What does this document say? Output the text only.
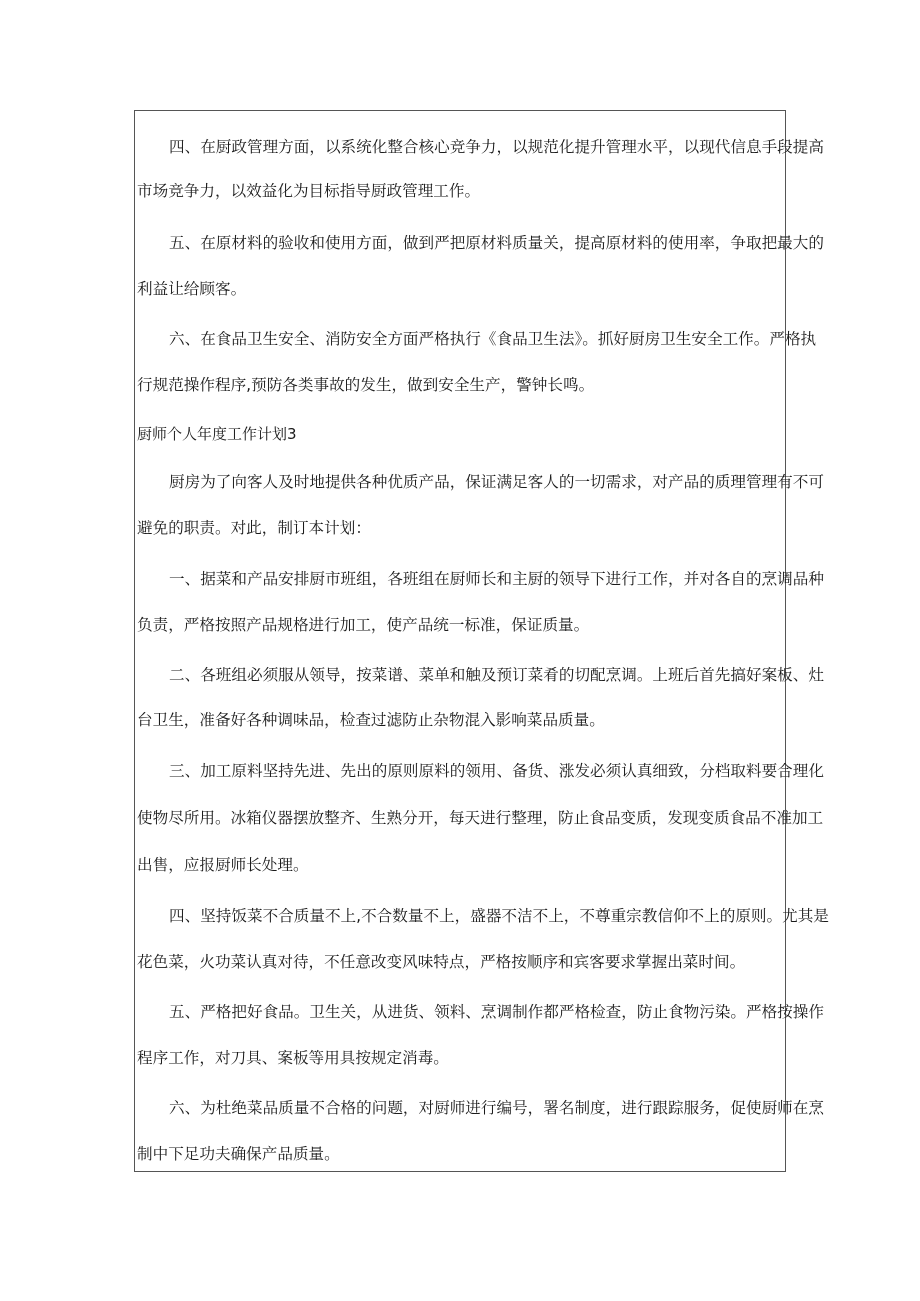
四、在厨政管理方面，以系统化整合核心竞争力，以规范化提升管理水平，以现代信息手段提高
市场竞争力，以效益化为目标指导厨政管理工作。
五、在原材料的验收和使用方面，做到严把原材料质量关，提高原材料的使用率，争取把最大的
利益让给顾客。
六、在食品卫生安全、消防安全方面严格执行《食品卫生法》。抓好厨房卫生安全工作。严格执
行规范操作程序,预防各类事故的发生，做到安全生产，警钟长鸣。
厨师个人年度工作计划3
厨房为了向客人及时地提供各种优质产品，保证满足客人的一切需求，对产品的质理管理有不可
避免的职责。对此，制订本计划：
一、据菜和产品安排厨市班组，各班组在厨师长和主厨的领导下进行工作，并对各自的烹调品种
负责，严格按照产品规格进行加工，使产品统一标准，保证质量。
二、各班组必须服从领导，按菜谱、菜单和触及预订菜肴的切配烹调。上班后首先搞好案板、灶
台卫生，准备好各种调味品，检查过滤防止杂物混入影响菜品质量。
三、加工原料坚持先进、先出的原则原料的领用、备货、涨发必须认真细致，分档取料要合理化
使物尽所用。冰箱仪器摆放整齐、生熟分开，每天进行整理，防止食品变质，发现变质食品不准加工
出售，应报厨师长处理。
四、坚持饭菜不合质量不上,不合数量不上，盛器不洁不上，不尊重宗教信仰不上的原则。尤其是
花色菜，火功菜认真对待，不任意改变风味特点，严格按顺序和宾客要求掌握出菜时间。
五、严格把好食品。卫生关，从进货、领料、烹调制作都严格检查，防止食物污染。严格按操作
程序工作，对刀具、案板等用具按规定消毒。
六、为杜绝菜品质量不合格的问题，对厨师进行编号，署名制度，进行跟踪服务，促使厨师在烹
制中下足功夫确保产品质量。
